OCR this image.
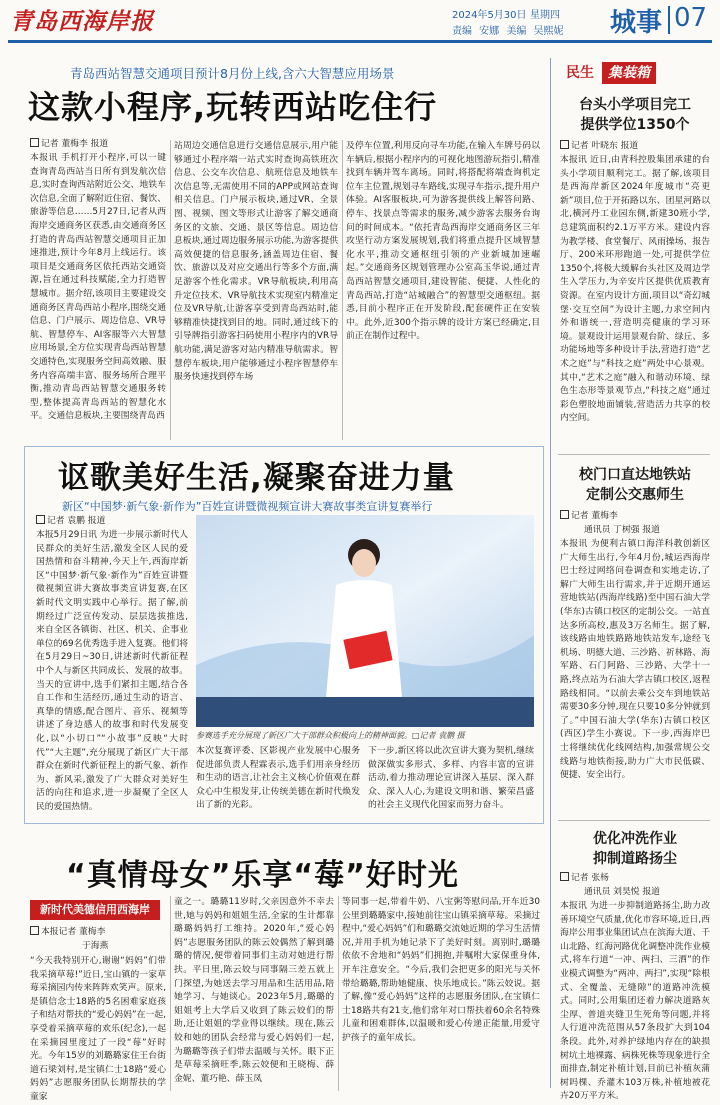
青岛西海岸报	2024年5月30日 星期四
责编 安娜 美编 吴熙妮 城事 07
青岛西站智慧交通项目预计8月份上线,含六大智慧应用场景
这款小程序,玩转西站吃住行
记者 董梅李 报道
本报讯 手机打开小程序,可以一键查询青岛西站当日所有到发航次信息,实时查询西站附近公交、地铁车次信息,全面了解附近住宿、餐饮、旅游等信息……5月27日,记者从西海岸交通商务区获悉,由交通商务区打造的青岛西站智慧交通项目正加速推进,预计今年8月上线运行。该项目是交通商务区依托西站交通资源,旨在通过科技赋能,全力打造智慧城市。据介绍,该项目主要建设交通商务区青岛西站小程序,围绕交通信息、门户展示、周边信息、VR导航、智慧停车、AI客服等六大智慧应用场景,全方位实现青岛西站智慧交通特色,实现服务空间高效融、服务内容高端丰富、服务场所合理平衡,推动青岛西站智慧交通服务转型,整体提高青岛西站的智慧化水平。交通信息板块,主要围绕青岛西
站周边交通信息进行交通信息展示,用户能够通过小程序端一站式实时查询高铁班次信息、公交车次信息、航班信息及地铁车次信息等,无需使用不同的APP或网站查询相关信息。门户展示板块,通过VR、全景图、视频、图文等形式让游客了解交通商务区的文旅、交通、景区等信息。周边信息板块,通过周边服务展示功能,为游客提供高效便捷的信息服务,涵盖周边住宿、餐饮、旅游以及对应交通出行等多个方面,满足游客个性化需求。VR导航板块,利用高升定位技术、VR导航技术实现室内精准定位及VR导航,让游客享受到青岛西站时,能够精准快捷找到目的地。同时,通过线下的引导牌指引游客扫码使用小程序内的VR导航功能,满足游客对站内精准导航需求。智慧停车板块,用户能够通过小程序智慧停车服务快速找到停车场
及停车位置,利用反向寻车功能,在输入车牌号码以车辆后,根据小程序内的可视化地图游玩指引,精准找到车辆并驾车离场。同时,将搭配将端查询机定位车主位置,规划寻车路线,实现寻车指示,提升用户体验。AI客服板块,可为游客提供线上解答问路、停车、找景点等需求的服务,减少游客去服务台询问的时间成本。“依托青岛西海岸交通商务区三年攻坚行动方案发展规划,我们将重点提升区域智慧化水平,推动交通枢纽引领的产业新城加速崛起。”交通商务区规划管理办公室高玉华说,通过青岛西站智慧交通项目,建设智能、便捷、人性化的青岛西站,打造“站城融合”的智慧型交通枢纽。据悉,目前小程序正在开发阶段,配套硬件正在安装中。此外,近300个指示牌的设计方案已经确定,目前正在制作过程中。
讴歌美好生活,凝聚奋进力量
新区“中国梦·新气象·新作为”百姓宣讲暨微视频宣讲大赛故事类宣讲复赛举行
记者 袁鹏 报道
本报5月29日讯 为进一步展示新时代人民群众的美好生活,激发全区人民的爱国热情和奋斗精神,今天上午,西海岸新区“中国梦·新气象·新作为”百姓宣讲暨微视频宣讲大赛故事类宣讲复赛,在区新时代文明实践中心举行。据了解,前期经过广泛宣传发动、层层选拔推选,来自全区各镇街、社区、机关、企事业单位的69名优秀选手进入复赛。他们将在5月29日~30日,讲述新时代新征程中个人与新区共同成长、发展的故事。当天的宣讲中,选手们紧扣主题,结合各自工作和生活经历,通过生动的语言、真挚的情感,配合图片、音乐、视频等讲述了身边感人的故事和时代发展变化,以“小切口”“小故事”反映“大时代”“大主题”,充分展现了新区广大干部群众在新时代新征程上的新气象、新作为、新风采,激发了广大群众对美好生活的向往和追求,进一步凝聚了全区人民的爱国热情。
参赛选手充分展现了新区广大干部群众积极向上的精神面貌。□记者 袁鹏 摄
本次复赛评委、区影视产业发展中心服务促进部负责人程霖表示,选手们用亲身经历和生动的语言,让社会主义核心价值观在群众心中生根发芽,让传统美德在新时代焕发出了新的光彩。
下一步,新区将以此次宣讲大赛为契机,继续做深做实多形式、多样、内容丰富的宣讲活动,着力推动理论宣讲深入基层、深入群众、深入人心,为建设文明和谐、繁荣昌盛的社会主义现代化国家而努力奋斗。
“真情母女”乐享“莓”好时光
新时代美德信用西海岸
本报记者 董梅李
于海燕
“今天我特别开心,谢谢“妈妈”们带我采摘草莓!”近日,宝山镇的一家草莓采摘园内传来阵阵欢笑声。原来,是镇信念士18路的5名困难家庭孩子和结对帮扶的“爱心妈妈”在一起,享受着采摘草莓的欢乐(纪念),一起在采摘园里度过了一段“莓”好时光。今年15岁的刘璐璐家住王台街道石梁刘村,是宝镇仁士18路“爱心妈妈”志愿服务团队长期帮扶的学童家
童之一。璐璐11岁时,父亲因意外不幸去世,她与妈妈和姐姐生活,全家的生计都靠璐璐妈妈打工维持。2020年,“爱心妈妈”志愿服务团队的陈云姣偶然了解到璐璐的情况,便带着同事们主动对她进行帮扶。平日里,陈云姣与同事隔三差五就上门探望,为她送去学习用品和生活用品,陪她学习、与她谈心。2023年5月,璐璐的姐姐考上大学后又收到了陈云姣们的帮助,还让姐姐的学业得以继续。现在,陈云姣和她的团队会经常与爱心妈妈们一起,为璐璐等孩子们带去温暖与关怀。眼下正是草莓采摘旺季,陈云姣便和王晓梅、薛金妮、董巧艳、薛玉凤
等同事一起,带着牛奶、八宝粥等慰问品,开车近30公里到璐璐家中,接她前往宝山镇采摘草莓。采摘过程中,“爱心妈妈”们和璐璐交流她近期的学习生活情况,并用手机为她记录下了美好时刻。离别时,璐璐依依不舍地和“妈妈”们拥抱,并嘱咐大家保重身体,开车注意安全。“今后,我们会把更多的阳光与关怀带给璐璐,帮助她健康、快乐地成长。”陈云姣说。据了解,像“爱心妈妈”这样的志愿服务团队,在宝镇仁士18路共有21支,他们常年对口帮扶着60余名特殊儿童和困难群体,以温暖和爱心传递正能量,用爱守护孩子的童年成长。
民生	集装箱
台头小学项目完工
提供学位1350个
记者 叶晓东 报道
本报讯 近日,由青科控股集团承建的台头小学项目顺利完工。据了解,该项目是西海岸新区2024年度城市“亮更新”项目,位于开拓路以东、团星河路以北,横河丹工业园东侧,新建30班小学,总建筑面积约2.1万平方米。建设内容为教学楼、食堂餐厅、风雨操场、报告厅、200米环形跑道一处,可提供学位1350个,将极大缓解台头社区及周边学生入学压力,为辛安片区提供优质教育资源。在室内设计方面,项目以“奇幻城堡·交互空间”为设计主题,力求空间内外和谐统一,营造明亮健康的学习环境。景观设计运用景观台阶、绿丘、多功能场地等多种设计手法,营造打造“艺术之庭”与“科技之庭”两处中心景观。其中,“艺术之庭”融入和谐动环境、绿色生态形等景观节点,“科技之庭”通过彩色塑胶地面铺装,营造活力共享的校内空间。
校门口直达地铁站
定制公交惠师生
记者 董梅李
通讯员 丁树强 报道
本报讯 为便利古镇口海洋科教创新区广大师生出行,今年4月份,城运西海岸巴士经过网络问卷调查和实地走访,了解广大师生出行需求,并于近期开通运营地铁站(西海岸线路)至中国石油大学(华东)古镇口校区的定制公交。一站直达多所高校,惠及3万名师生。据了解,该线路由地铁路路地铁站发车,途经飞机场、明德大道、三沙路、祈林路、海军路、石门阿路、三沙路、大学十一路,终点站为石油大学古镇口校区,返程路线相同。“以前去乘公交车到地铁站需要30多分钟,现在只要10多分钟就到了。”中国石油大学(华东)古镇口校区(西区)学生小赛说。下一步,西海岸巴士将继续优化线网结构,加强常规公交线路与地铁衔接,助力广大市民低碳、便捷、安全出行。
优化冲洗作业
抑制道路扬尘
记者 张杨
通讯员 刘昊悦 报道
本报讯 为进一步抑制道路扬尘,助力改善环境空气质量,优化市容环境,近日,西海岸公用事业集团试点在滨海大道、千山北路、红海河路优化调整冲洗作业模式,将车行道“一冲、两扫、三洒”的作业模式调整为“两冲、两扫”,实现“除根式、全覆盖、无缝隙”的道路冲洗模式。同时,公用集团还着力解决道路灰尘厚、普道夹缝卫生死角等问题,并将人行道冲洗范围从57条段扩大到104条段。此外,对养护绿地内存在的缺损树坑土地裸露、病株死株等现象进行全面排查,制定补植计划,目前已补植灰蒲树吗棵、乔灌木103万株,补植地被花卉20万平方米。
